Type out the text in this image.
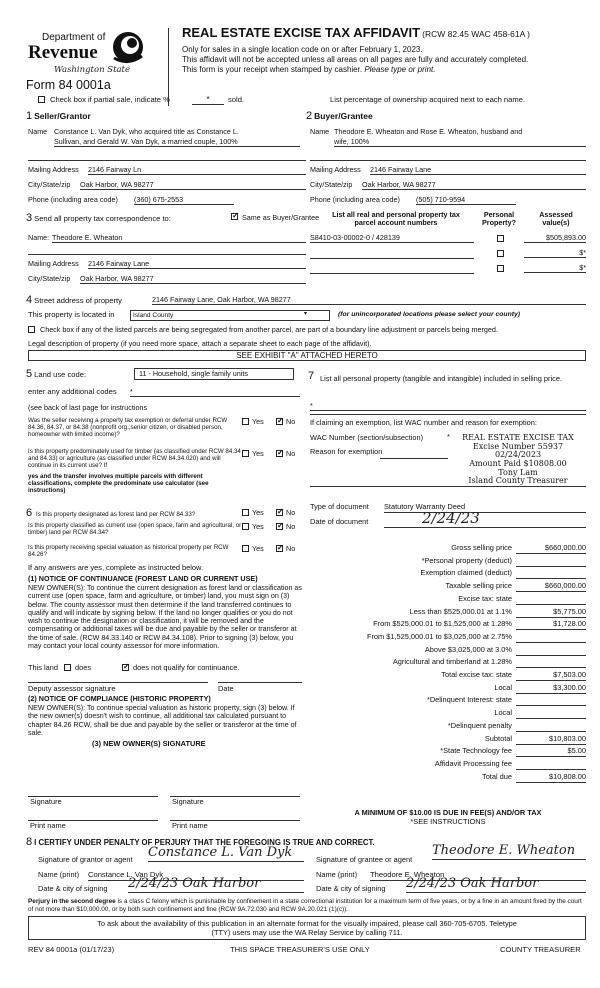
Department of
Revenue
Washington State
Form 84 0001a
REAL ESTATE EXCISE TAX AFFIDAVIT (RCW 82.45 WAC 458-61A )
Only for sales in a single location code on or after February 1, 2023.
This affidavit will not be accepted unless all areas on all pages are fully and accurately completed.
This form is your receipt when stamped by cashier. Please type or print.
Check box if partial sale, indicate %	*	sold.	List percentage of ownership acquired next to each name.
1 Seller/Grantor
Name Constance L. Van Dyk, who acquired title as Constance L.
Sullivan, and Gerald W. Van Dyk, a married couple, 100%
Mailing Address 2146 Fairway Ln
City/State/zip Oak Harbor, WA 98277
Phone (including area code) (360) 675-2553
2 Buyer/Grantee
Name Theodore E. Wheaton and Rose E. Wheaton, husband and
wife, 100%
Mailing Address 2146 Fairway Lane
City/State/zip Oak Harbor, WA 98277
Phone (including area code) (505) 710-9594
3 Send all property tax correspondence to: ✓	Same as Buyer/Grantee
Name: Theodore E. Wheaton
Mailing Address 2146 Fairway Lane
City/State/zip Oak Harbor, WA 98277
List all real and personal property tax
parcel account numbers
Personal
Property?
Assessed
value(s)
S8410-03-00002-0 / 428139	$505,893.00
$*
$*
4 Street address of property	2146 Fairway Lane, Oak Harbor, WA 98277
This property is located in	Island County	▾	(for unincorporated locations please select your county)
Check box if any of the listed parcels are being segregated from another parcel, are part of a boundary line adjustment or parcels being merged.
Legal description of property (if you need more space, attach a separate sheet to each page of the affidavit).
SEE EXHIBIT "A" ATTACHED HERETO
5 Land use code:	11 - Household, single family units
enter any additional codes *
(see back of last page for instructions
Was the seller receiving a property tax exemption or deferral under RCW 84.36, 84.37, or 84.38 (nonprofit org.,senior citizen, or disabled person, homeowner with limited income)?
Yes ✓	No
Is this property predominately used for timber (as classified under RCW 84.34 and 84.33) or agriculture (as classified under RCW 84.34.020) and will continue in its current use? If
yes and the transfer involves multiple parcels with different classifications, complete the predominate use calculator (see instructions)
Yes ✓	No
6 Is this property designated as forest land per RCW 84.33?	Yes ✓	No
Is this property classified as current use (open space, farm and agricultural, or timber) land per RCW 84.34?
Yes ✓	No
Is this property receiving special valuation as historical property per RCW 84.26?
Yes ✓	No
If any answers are yes, complete as instructed below.
(1) NOTICE OF CONTINUANCE (FOREST LAND OR CURRENT USE)
NEW OWNER(S): To continue the current designation as forest land or classification as current use (open space, farm and agriculture, or timber) land, you must sign on (3) below. The county assessor must then determine if the land transferred continues to qualify and will indicate by signing below. If the land no longer qualifies or you do not wish to continue the designation or classification, it will be removed and the compensating or additional taxes will be due and payable by the seller or transferor at the time of sale. (RCW 84.33.140 or RCW 84.34.108). Prior to signing (3) below, you may contact your local county assessor for more information.
This land does ✓	does not qualify for continuance.
Deputy assessor signature	Date
(2) NOTICE OF COMPLIANCE (HISTORIC PROPERTY)
NEW OWNER(S): To continue special valuation as historic property, sign (3) below. If the new owner(s) doesn't wish to continue, all additional tax calculated pursuant to chapter 84.26 RCW, shall be due and payable by the seller or transferor at the time of sale.
(3) NEW OWNER(S) SIGNATURE
Signature	Signature
Print name	Print name
7 List all personal property (tangible and intangible) included in selling price.
*
If claiming an exemption, list WAC number and reason for exemption:
WAC Number (section/subsection)	*
Reason for exemption
REAL ESTATE EXCISE TAX
Excise Number 55937
02/24/2023
Amount Paid $10808.00
Tony Lam
Island County Treasurer
Type of document Statutory Warranty Deed
Date of document	2/24/23
Gross selling price	$660,000.00
*Personal property (deduct)
Exemption claimed (deduct)
Taxable selling price	$660,000.00
Excise tax: state
Less than $525,000.01 at 1.1%	$5,775.00
From $525,000.01 to $1,525,000 at 1.28%	$1,728.00
From $1,525,000.01 to $3,025,000 at 2.75%
Above $3,025,000 at 3.0%
Agricultural and timberland at 1.28%
Total excise tax: state	$7,503.00
Local	$3,300.00
*Delinquent Interest: state
Local
*Delinquent penalty
Subtotal	$10,803.00
*State Technology fee	$5.00
Affidavit Processing fee
Total due	$10,808.00
A MINIMUM OF $10.00 IS DUE IN FEE(S) AND/OR TAX
*SEE INSTRUCTIONS
8 I CERTIFY UNDER PENALTY OF PERJURY THAT THE FOREGOING IS TRUE AND CORRECT.
Signature of grantor or agent Constance L. Van Dyk	Signature of grantee or agent
Theodore E. Wheaton
Name (print) Constance L. Van Dyk	Name (print) Theodore E. Wheaton
Date & city of signing 2/24/23 Oak Harbor	Date & city of signing 2/24/23 Oak Harbor
Perjury in the second degree is a class C felony which is punishable by confinement in a state correctional institution for a maximum term of five years, or by a fine in an amount fixed by the court of not more than $10,000.00, or by both such confinement and fine (RCW 9A.72.030 and RCW 9A.20.021 (1)(c)).
To ask about the availability of this publication in an alternate format for the visually impaired, please call 360-705-6705. Teletype
(TTY) users may use the WA Relay Service by calling 711.
REV 84 0001a (01/17/23)	THIS SPACE TREASURER'S USE ONLY	COUNTY TREASURER
